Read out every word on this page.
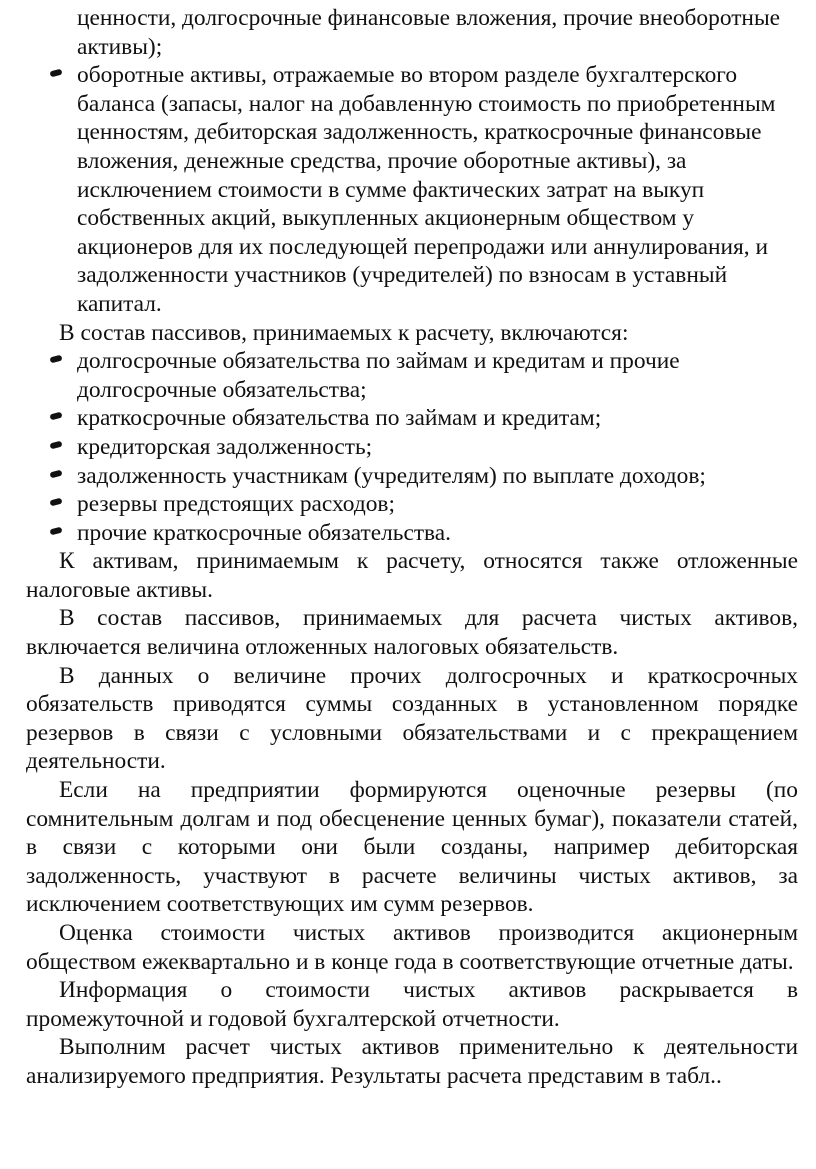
ценности, долгосрочные финансовые вложения, прочие внеоборотные активы);

оборотные активы, отражаемые во втором разделе бухгалтерского баланса (запасы, налог на добавленную стоимость по приобретенным ценностям, дебиторская задолженность, краткосрочные финансовые вложения, денежные средства, прочие оборотные активы), за исключением стоимости в сумме фактических затрат на выкуп собственных акций, выкупленных акционерным обществом у акционеров для их последующей перепродажи или аннулирования, и задолженности участников (учредителей) по взносам в уставный капитал.

В состав пассивов, принимаемых к расчету, включаются:

долгосрочные обязательства по займам и кредитам и прочие долгосрочные обязательства;

краткосрочные обязательства по займам и кредитам;

кредиторская задолженность;

задолженность участникам (учредителям) по выплате доходов;

резервы предстоящих расходов;

прочие краткосрочные обязательства.

К активам, принимаемым к расчету, относятся также отложенные налоговые активы.

В состав пассивов, принимаемых для расчета чистых активов, включается величина отложенных налоговых обязательств.

В данных о величине прочих долгосрочных и краткосрочных обязательств приводятся суммы созданных в установленном порядке резервов в связи с условными обязательствами и с прекращением деятельности.

Если на предприятии формируются оценочные резервы (по сомнительным долгам и под обесценение ценных бумаг), показатели статей, в связи с которыми они были созданы, например дебиторская задолженность, участвуют в расчете величины чистых активов, за исключением соответствующих им сумм резервов.

Оценка стоимости чистых активов производится акционерным обществом ежеквартально и в конце года в соответствующие отчетные даты.

Информация о стоимости чистых активов раскрывается в промежуточной и годовой бухгалтерской отчетности.

Выполним расчет чистых активов применительно к деятельности анализируемого предприятия. Результаты расчета представим в табл..
